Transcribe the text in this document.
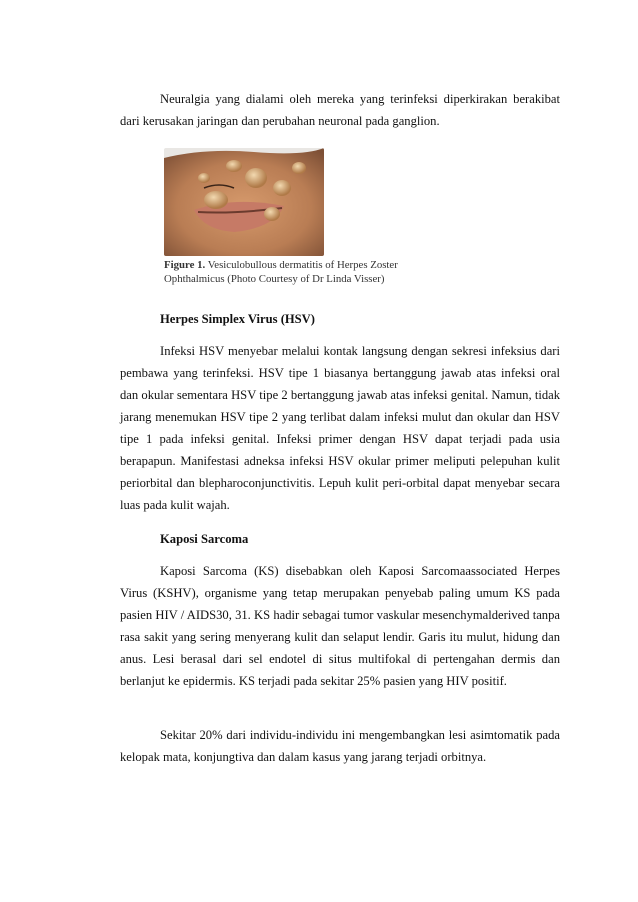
Neuralgia yang dialami oleh mereka yang terinfeksi diperkirakan berakibat dari kerusakan jaringan dan perubahan neuronal pada ganglion.

Figure 1. Vesiculobullous dermatitis of Herpes Zoster Ophthalmicus (Photo Courtesy of Dr Linda Visser)

Herpes Simplex Virus (HSV)

Infeksi HSV menyebar melalui kontak langsung dengan sekresi infeksius dari pembawa yang terinfeksi. HSV tipe 1 biasanya bertanggung jawab atas infeksi oral dan okular sementara HSV tipe 2 bertanggung jawab atas infeksi genital. Namun, tidak jarang menemukan HSV tipe 2 yang terlibat dalam infeksi mulut dan okular dan HSV tipe 1 pada infeksi genital. Infeksi primer dengan HSV dapat terjadi pada usia berapapun. Manifestasi adneksa infeksi HSV okular primer meliputi pelepuhan kulit periorbital dan blepharoconjunctivitis. Lepuh kulit peri-orbital dapat menyebar secara luas pada kulit wajah.

Kaposi Sarcoma

Kaposi Sarcoma (KS) disebabkan oleh Kaposi Sarcomaassociated Herpes Virus (KSHV), organisme yang tetap merupakan penyebab paling umum KS pada pasien HIV / AIDS30, 31. KS hadir sebagai tumor vaskular mesenchymalderived tanpa rasa sakit yang sering menyerang kulit dan selaput lendir. Garis itu mulut, hidung dan anus. Lesi berasal dari sel endotel di situs multifokal di pertengahan dermis dan berlanjut ke epidermis. KS terjadi pada sekitar 25% pasien yang HIV positif.

Sekitar 20% dari individu-individu ini mengembangkan lesi asimtomatik pada kelopak mata, konjungtiva dan dalam kasus yang jarang terjadi orbitnya.
